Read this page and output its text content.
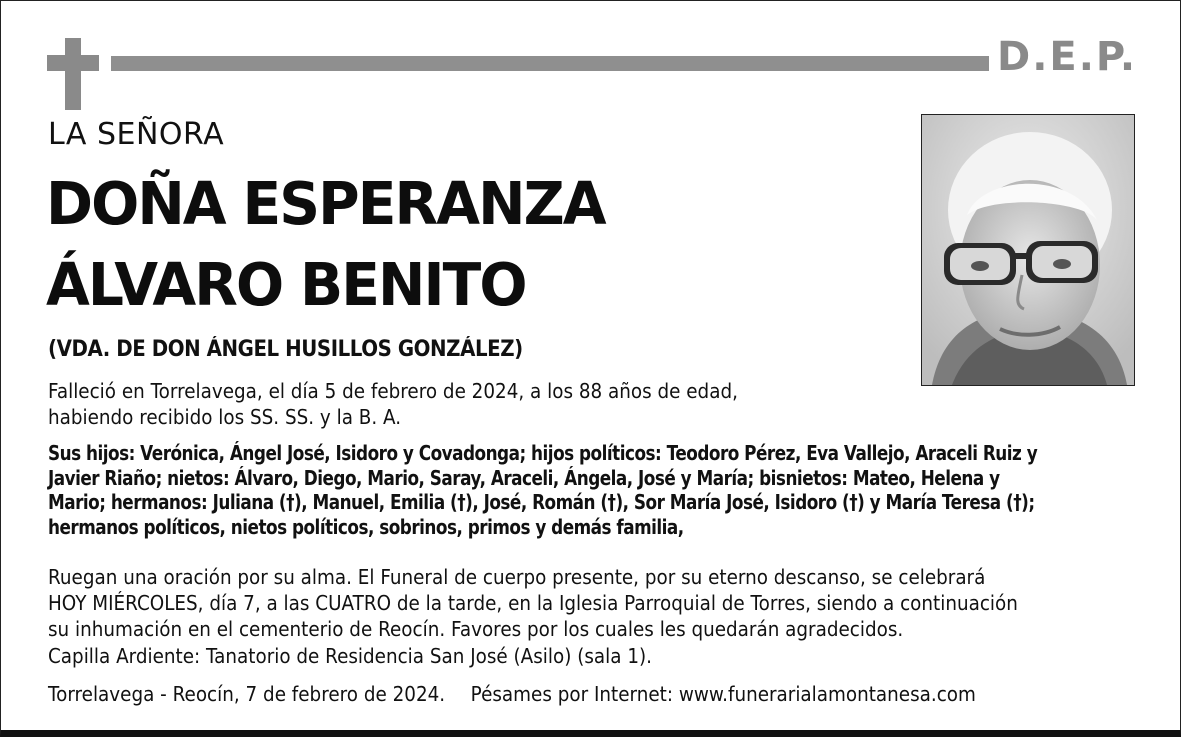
D.E.P.
LA SEÑORA
DOÑA ESPERANZA
ÁLVARO BENITO
(VDA. DE DON ÁNGEL HUSILLOS GONZÁLEZ)
Falleció en Torrelavega, el día 5 de febrero de 2024, a los 88 años de edad,
habiendo recibido los SS. SS. y la B. A.
Sus hijos: Verónica, Ángel José, Isidoro y Covadonga; hijos políticos: Teodoro Pérez, Eva Vallejo, Araceli Ruiz y
Javier Riaño; nietos: Álvaro, Diego, Mario, Saray, Araceli, Ángela, José y María; bisnietos: Mateo, Helena y
Mario; hermanos: Juliana (†), Manuel, Emilia (†), José, Román (†), Sor María José, Isidoro (†) y María Teresa (†);
hermanos políticos, nietos políticos, sobrinos, primos y demás familia,
Ruegan una oración por su alma. El Funeral de cuerpo presente, por su eterno descanso, se celebrará
HOY MIÉRCOLES, día 7, a las CUATRO de la tarde, en la Iglesia Parroquial de Torres, siendo a continuación
su inhumación en el cementerio de Reocín. Favores por los cuales les quedarán agradecidos.
Capilla Ardiente: Tanatorio de Residencia San José (Asilo) (sala 1).
Torrelavega - Reocín, 7 de febrero de 2024. Pésames por Internet: www.funerarialamontanesa.com
